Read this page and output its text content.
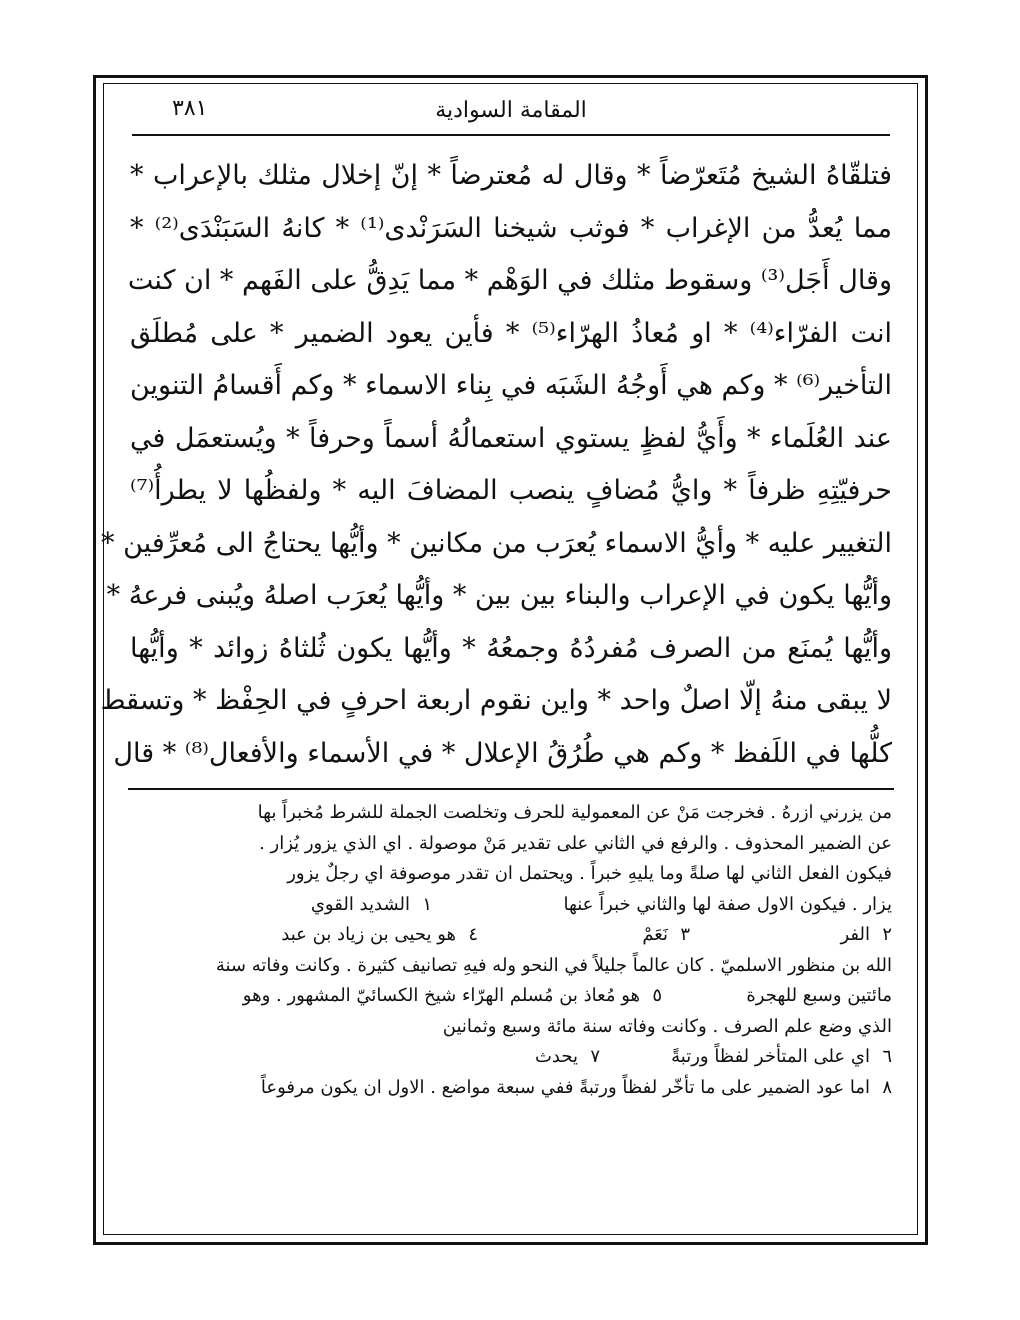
المقامة السوادية
٣٨١
فتلقّاهُ الشيخ مُتَعرّضاً * وقال له مُعترضاً * إنّ إخلال مثلك بالإعراب *
مما يُعدُّ من الإغراب * فوثب شيخنا السَرَنْدى⁽¹⁾ * كانهُ السَبَنْدَى⁽²⁾ *
وقال أَجَل⁽³⁾ وسقوط مثلك في الوَهْم * مما يَدِقُّ على الفَهم * ان كنت
انت الفرّاء⁽⁴⁾ * او مُعاذُ الهرّاء⁽⁵⁾ * فأين يعود الضمير * على مُطلَق
التأخير⁽⁶⁾ * وكم هي أَوجُهُ الشَبَه في بِناء الاسماء * وكم أَقسامُ التنوين
عند العُلَماء * وأَيُّ لفظٍ يستوي استعمالُهُ أسماً وحرفاً * ويُستعمَل في
حرفيّتِهِ ظرفاً * وايُّ مُضافٍ ينصب المضافَ اليه * ولفظُها لا يطرأُ⁽⁷⁾
التغيير عليه * وأيُّ الاسماء يُعرَب من مكانين * وأيُّها يحتاجُ الى مُعرِّفين *
وأيُّها يكون في الإعراب والبناء بين بين * وأيُّها يُعرَب اصلهُ ويُبنى فرعهُ *
وأيُّها يُمنَع من الصرف مُفردُهُ وجمعُهُ * وأيُّها يكون ثُلثاهُ زوائد * وأيُّها
لا يبقى منهُ إلّا اصلٌ واحد * واين نقوم اربعة احرفٍ في الحِفْظ * وتسقط
كلُّها في اللَفظ * وكم هي طُرُقُ الإعلال * في الأسماء والأفعال⁽⁸⁾ * قال
من يزرني ازرهُ . فخرجت مَنْ عن المعمولية للحرف وتخلصت الجملة للشرط مُخبراً بها
عن الضمير المحذوف . والرفع في الثاني على تقدير مَنْ موصولة . اي الذي يزور يُزار .
فيكون الفعل الثاني لها صلةً وما يليهِ خبراً . ويحتمل ان تقدر موصوفة اي رجلٌ يزور
يزار . فيكون الاول صفة لها والثاني خبراً عنها
١
الشديد القوي
٢
الفر
٣
نَعَمْ
٤
هو يحيى بن زياد بن عبد
الله بن منظور الاسلميّ . كان عالماً جليلاً في النحو وله فيهِ تصانيف كثيرة . وكانت وفاته سنة
مائتين وسبع للهجرة
٥
هو مُعاذ بن مُسلم الهرّاء شيخ الكسائيّ المشهور . وهو
الذي وضع علم الصرف . وكانت وفاته سنة مائة وسبع وثمانين
٦
اي على المتأخر لفظاً ورتبةً
٧
يحدث
٨
اما عود الضمير على ما تأخّر لفظاً ورتبةً ففي سبعة مواضع . الاول ان يكون مرفوعاً
